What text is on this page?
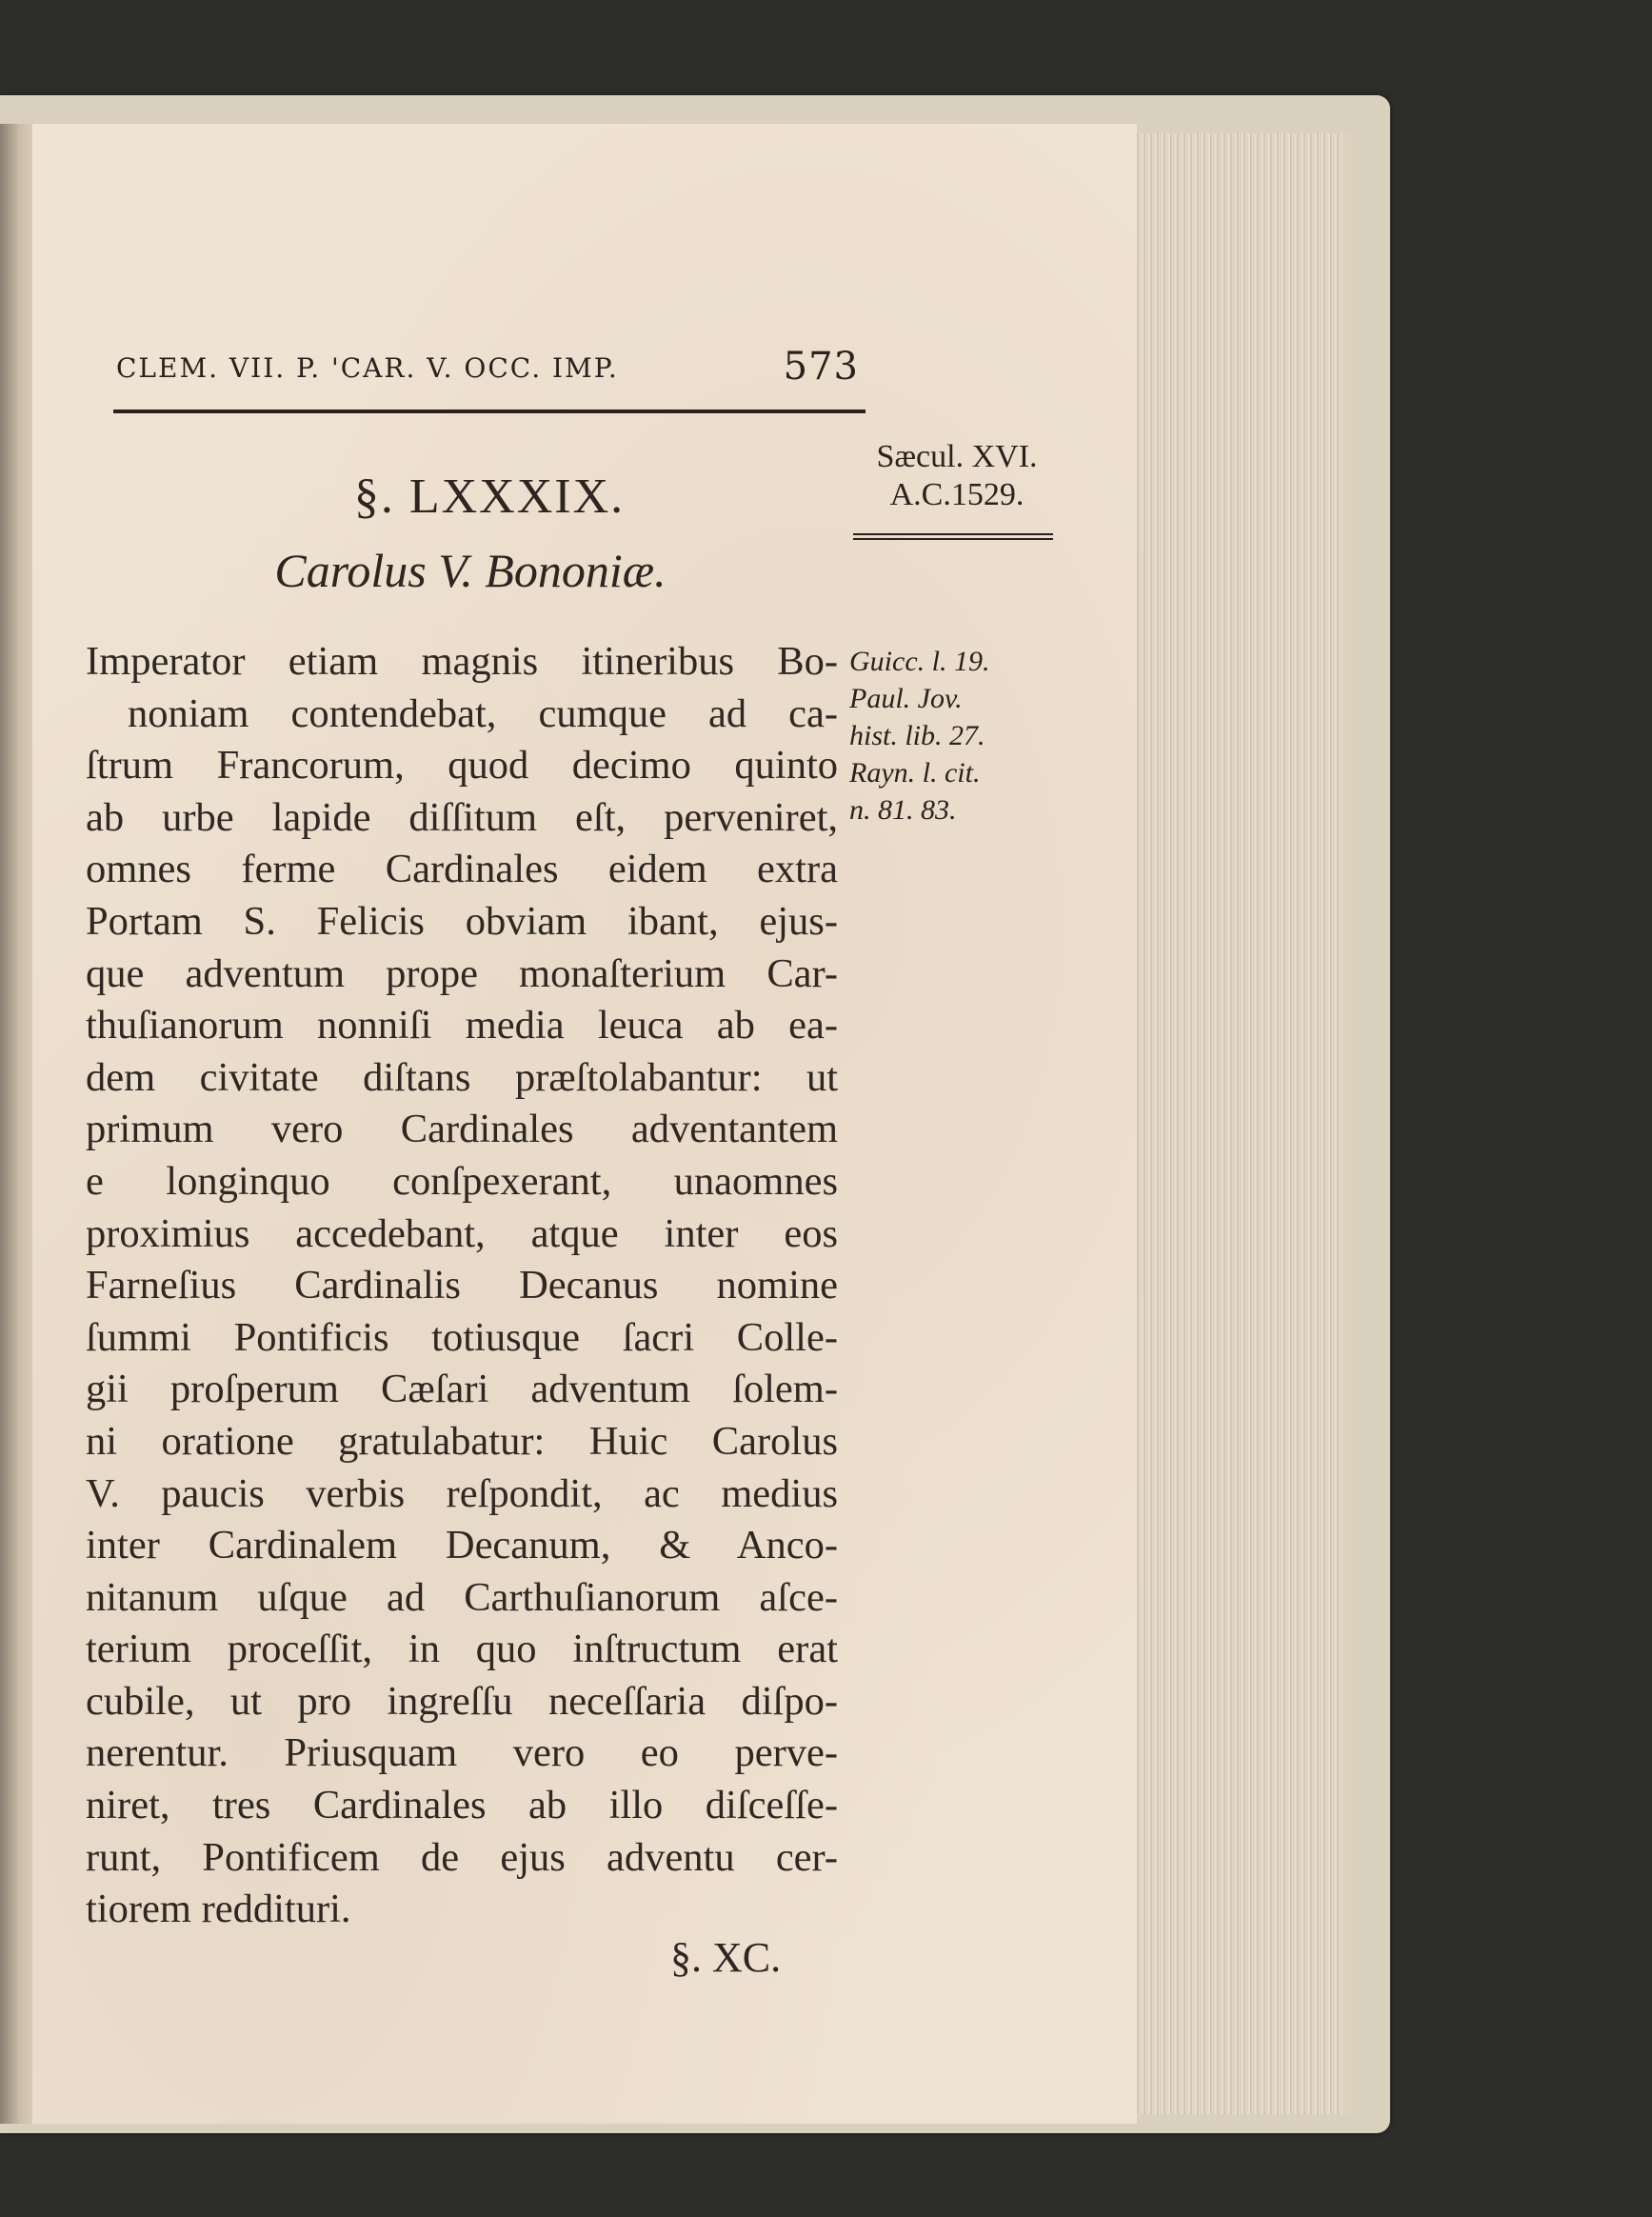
CLEM. VII. P. 'CAR. V. OCC. IMP.	573
Sæcul. XVI.
A.C.1529.
§. LXXXIX.
Carolus V. Bononiæ.
Imperator etiam magnis itineribus Bo-
noniam contendebat, cumque ad ca-
ſtrum Francorum, quod decimo quinto
ab urbe lapide diſſitum eſt, perveniret,
omnes ferme Cardinales eidem extra
Portam S. Felicis obviam ibant, ejus-
que adventum prope monaſterium Car-
thuſianorum nonniſi media leuca ab ea-
dem civitate diſtans præſtolabantur: ut
primum vero Cardinales adventantem
e longinquo conſpexerant, unaomnes
proximius accedebant, atque inter eos
Farneſius Cardinalis Decanus nomine
ſummi Pontificis totiusque ſacri Colle-
gii proſperum Cæſari adventum ſolem-
ni oratione gratulabatur: Huic Carolus
V. paucis verbis reſpondit, ac medius
inter Cardinalem Decanum, & Anco-
nitanum uſque ad Carthuſianorum aſce-
terium proceſſit, in quo inſtructum erat
cubile, ut pro ingreſſu neceſſaria diſpo-
nerentur. Priusquam vero eo perve-
niret, tres Cardinales ab illo diſceſſe-
runt, Pontificem de ejus adventu cer-
tiorem redditurі.
Guicc. l. 19.
Paul. Jov.
hist. lib. 27.
Rayn. l. cit.
n. 81. 83.
§. XC.
